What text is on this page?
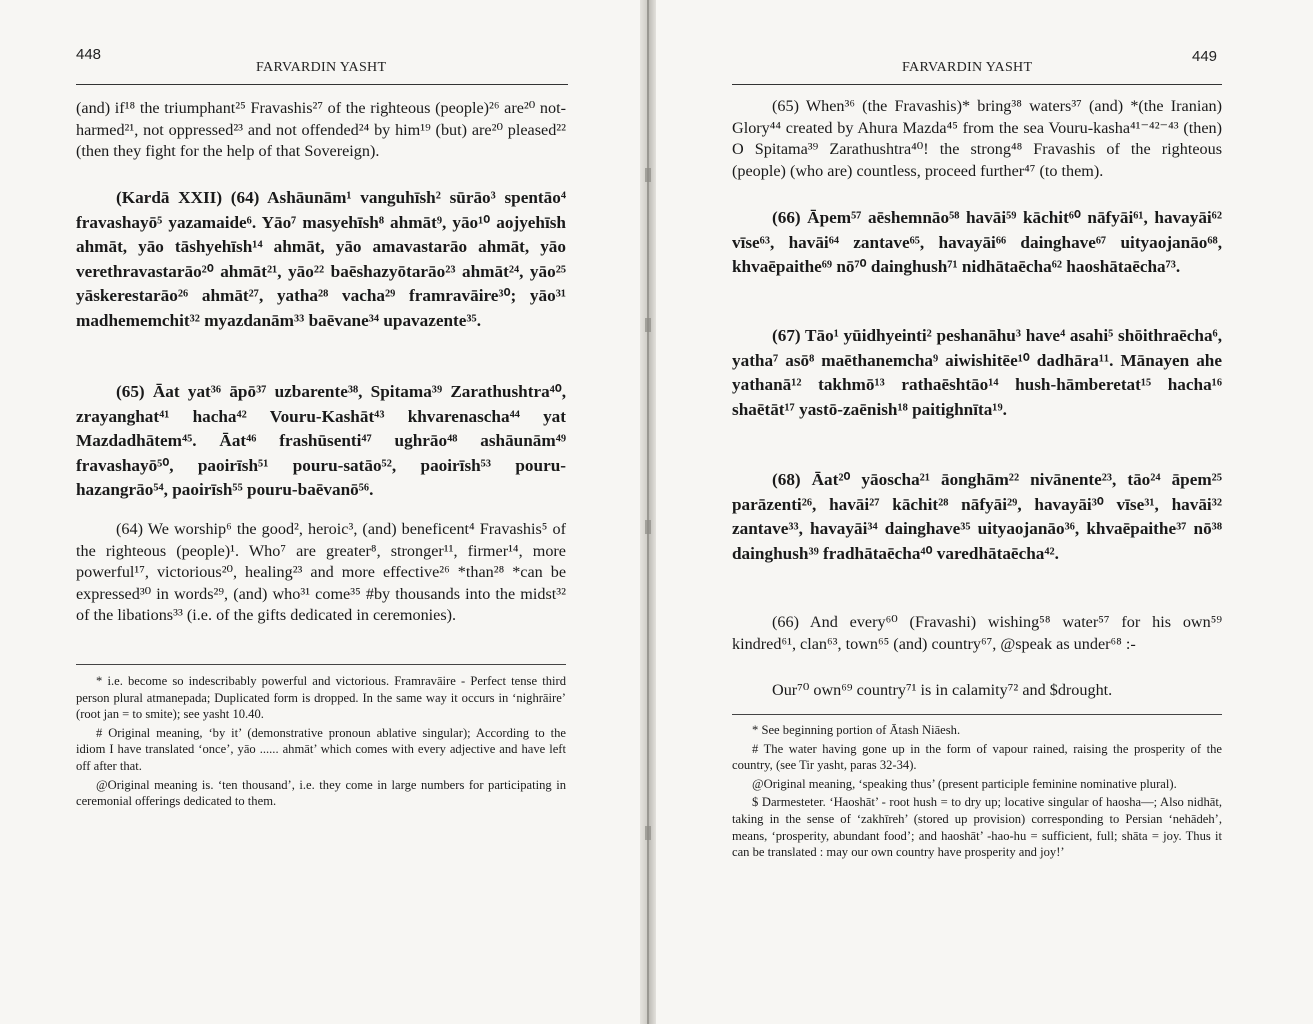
448
FARVARDIN YASHT
(and) if¹⁸ the triumphant²⁵ Fravashis²⁷ of the righteous (people)²⁶ are²⁰ not-harmed²¹, not oppressed²³ and not offended²⁴ by him¹⁹ (but) are²⁰ pleased²² (then they fight for the help of that Sovereign).
(Kardā XXII) (64) Ashāunām¹ vanguhīsh² sūrāo³ spentāo⁴ fravashayō⁵ yazamaide⁶. Yāo⁷ masyehīsh⁸ ahmāt⁹, yāo¹⁰ aojyehīsh ahmāt, yāo tāshyehīsh¹⁴ ahmāt, yāo amavastarāo ahmāt, yāo verethravastarāo²⁰ ahmāt²¹, yāo²² baēshazyōtarāo²³ ahmāt²⁴, yāo²⁵ yāskerestarāo²⁶ ahmāt²⁷, yatha²⁸ vacha²⁹ framravāire³⁰; yāo³¹ madhememchit³² myazdanām³³ baēvane³⁴ upavazente³⁵.
(65) Āat yat³⁶ āpō³⁷ uzbarente³⁸, Spitama³⁹ Zarathushtra⁴⁰, zrayanghat⁴¹ hacha⁴² Vouru-Kashāt⁴³ khvarenascha⁴⁴ yat Mazdadhātem⁴⁵. Āat⁴⁶ frashūsenti⁴⁷ ughrāo⁴⁸ ashāunām⁴⁹ fravashayō⁵⁰, paoirīsh⁵¹ pouru-satāo⁵², paoirīsh⁵³ pouru-hazangrāo⁵⁴, paoirīsh⁵⁵ pouru-baēvanō⁵⁶.
(64) We worship⁶ the good², heroic³, (and) beneficent⁴ Fravashis⁵ of the righteous (people)¹. Who⁷ are greater⁸, stronger¹¹, firmer¹⁴, more powerful¹⁷, victorious²⁰, healing²³ and more effective²⁶ *than²⁸ *can be expressed³⁰ in words²⁹, (and) who³¹ come³⁵ #by thousands into the midst³² of the libations³³ (i.e. of the gifts dedicated in ceremonies).

* i.e. become so indescribably powerful and victorious. Framravāire - Perfect tense third person plural atmanepada; Duplicated form is dropped. In the same way it occurs in ‘nighrāire’ (root jan = to smite); see yasht 10.40.

# Original meaning, ‘by it’ (demonstrative pronoun ablative singular); According to the idiom I have translated ‘once’, yāo ...... ahmāt’ which comes with every adjective and have left off after that.

@Original meaning is. ‘ten thousand’, i.e. they come in large numbers for participating in ceremonial offerings dedicated to them.

FARVARDIN YASHT
449
(65) When³⁶ (the Fravashis)* bring³⁸ waters³⁷ (and) *(the Iranian) Glory⁴⁴ created by Ahura Mazda⁴⁵ from the sea Vouru-kasha⁴¹⁻⁴²⁻⁴³ (then) O Spitama³⁹ Zarathushtra⁴⁰! the strong⁴⁸ Fravashis of the righteous (people) (who are) countless, proceed further⁴⁷ (to them).
(66) Āpem⁵⁷ aēshemnāo⁵⁸ havāi⁵⁹ kāchit⁶⁰ nāfyāi⁶¹, havayāi⁶² vīse⁶³, havāi⁶⁴ zantave⁶⁵, havayāi⁶⁶ dainghave⁶⁷ uityaojanāo⁶⁸, khvaēpaithe⁶⁹ nō⁷⁰ dainghush⁷¹ nidhātaēcha⁶² haoshātaēcha⁷³.
(67) Tāo¹ yūidhyeinti² peshanāhu³ have⁴ asahi⁵ shōithraēcha⁶, yatha⁷ asō⁸ maēthanemcha⁹ aiwishitēe¹⁰ dadhāra¹¹. Mānayen ahe yathanā¹² takhmō¹³ rathaēshtāo¹⁴ hush-hāmberetat¹⁵ hacha¹⁶ shaētāt¹⁷ yastō-zaēnish¹⁸ paitighnīta¹⁹.
(68) Āat²⁰ yāoscha²¹ āonghām²² nivānente²³, tāo²⁴ āpem²⁵ parāzenti²⁶, havāi²⁷ kāchit²⁸ nāfyāi²⁹, havayāi³⁰ vīse³¹, havāi³² zantave³³, havayāi³⁴ dainghave³⁵ uityaojanāo³⁶, khvaēpaithe³⁷ nō³⁸ dainghush³⁹ fradhātaēcha⁴⁰ varedhātaēcha⁴².
(66) And every⁶⁰ (Fravashi) wishing⁵⁸ water⁵⁷ for his own⁵⁹ kindred⁶¹, clan⁶³, town⁶⁵ (and) country⁶⁷, @speak as under⁶⁸ :-
Our⁷⁰ own⁶⁹ country⁷¹ is in calamity⁷² and $drought.

* See beginning portion of Ātash Niāesh.

# The water having gone up in the form of vapour rained, raising the prosperity of the country, (see Tir yasht, paras 32-34).

@Original meaning, ‘speaking thus’ (present participle feminine nominative plural).

$ Darmesteter. ‘Haoshāt’ - root hush = to dry up; locative singular of haosha—; Also nidhāt, taking in the sense of ‘zakhīreh’ (stored up provision) corresponding to Persian ‘nehādeh’, means, ‘prosperity, abundant food’; and haoshāt’ -hao-hu = sufficient, full; shāta = joy. Thus it can be translated : may our own country have prosperity and joy!’
